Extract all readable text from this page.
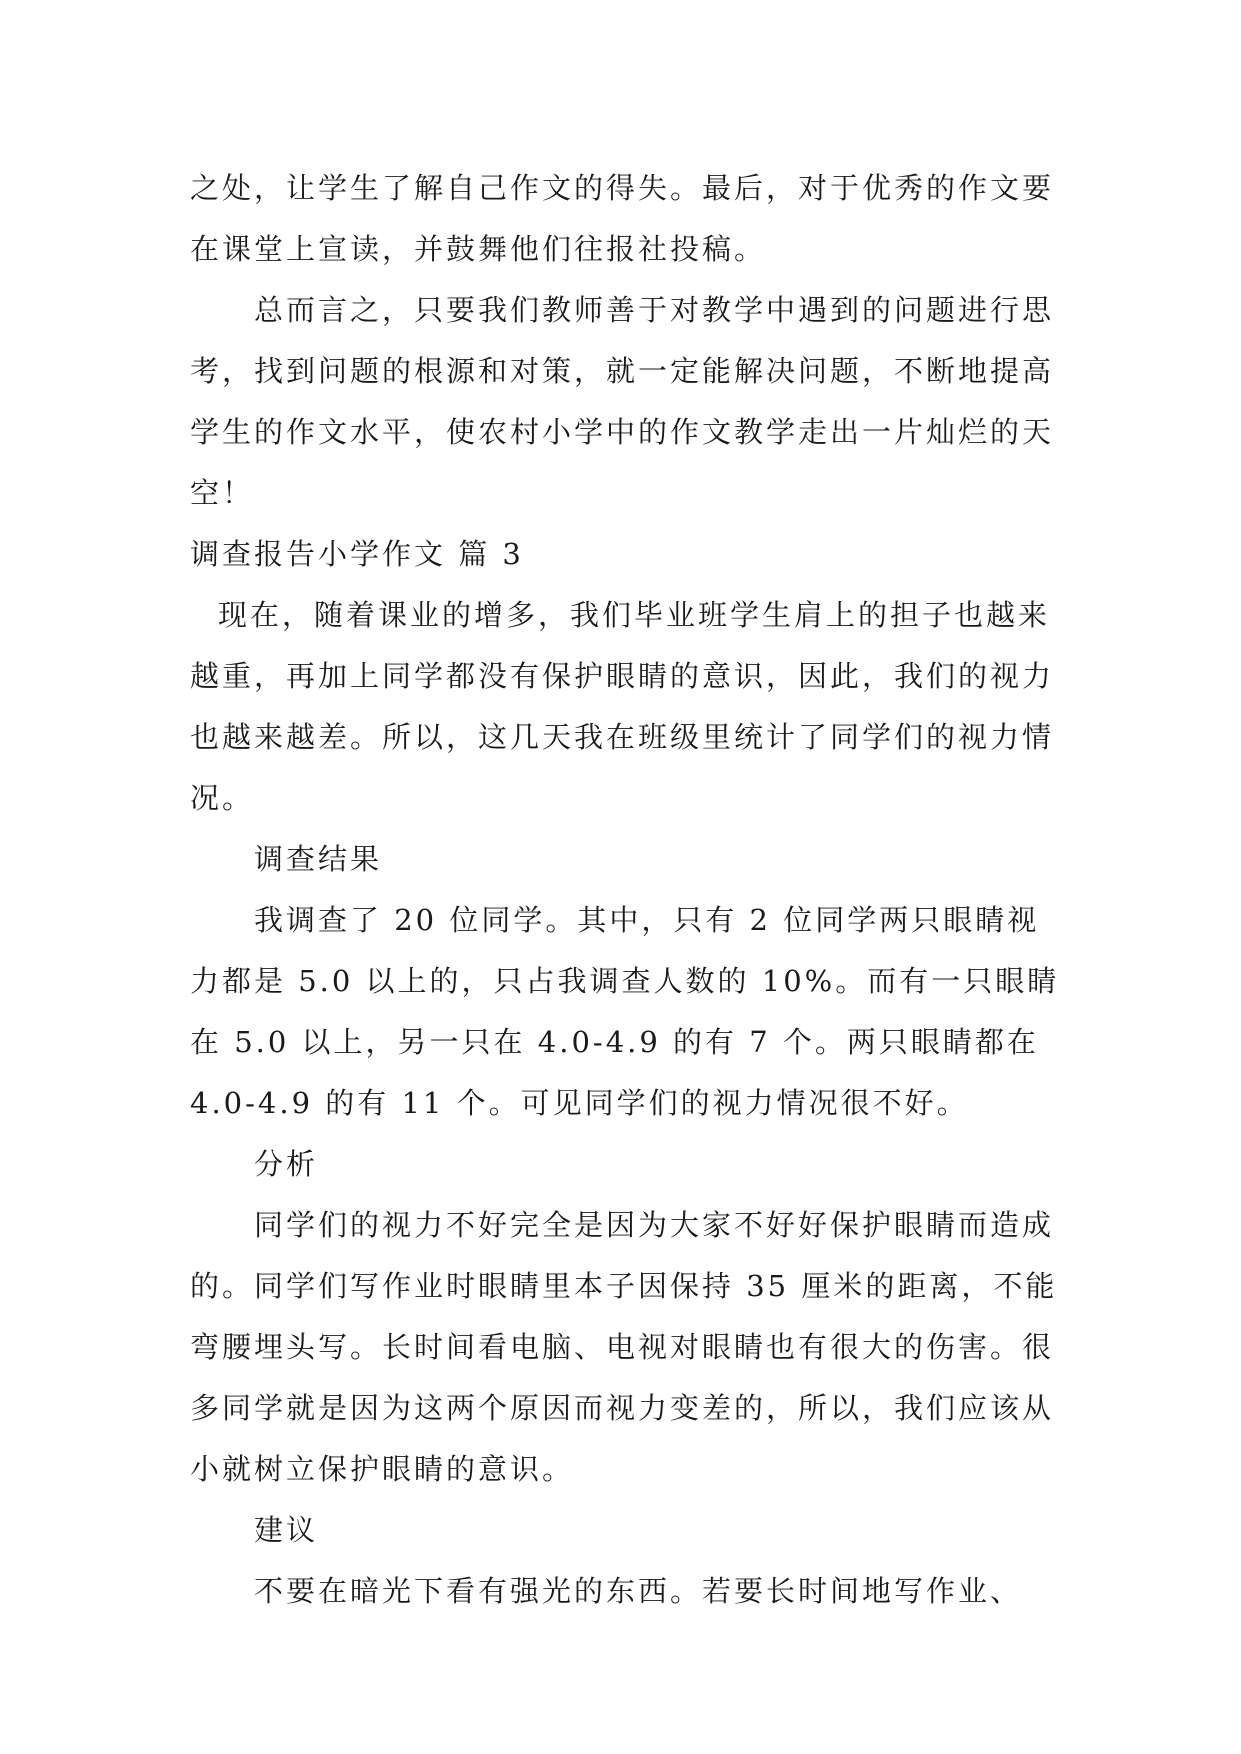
之处，让学生了解自己作文的得失。最后，对于优秀的作文要在课堂上宣读，并鼓舞他们往报社投稿。

总而言之，只要我们教师善于对教学中遇到的问题进行思考，找到问题的根源和对策，就一定能解决问题，不断地提高学生的作文水平，使农村小学中的作文教学走出一片灿烂的天空！

调查报告小学作文 篇 3

现在，随着课业的增多，我们毕业班学生肩上的担子也越来越重，再加上同学都没有保护眼睛的意识，因此，我们的视力也越来越差。所以，这几天我在班级里统计了同学们的视力情况。

调查结果

我调查了 20 位同学。其中，只有 2 位同学两只眼睛视力都是 5.0 以上的，只占我调查人数的 10%。而有一只眼睛在 5.0 以上，另一只在 4.0-4.9 的有 7 个。两只眼睛都在 4.0-4.9 的有 11 个。可见同学们的视力情况很不好。

分析

同学们的视力不好完全是因为大家不好好保护眼睛而造成的。同学们写作业时眼睛里本子因保持 35 厘米的距离，不能弯腰埋头写。长时间看电脑、电视对眼睛也有很大的伤害。很多同学就是因为这两个原因而视力变差的，所以，我们应该从小就树立保护眼睛的意识。

建议

不要在暗光下看有强光的东西。若要长时间地写作业、
